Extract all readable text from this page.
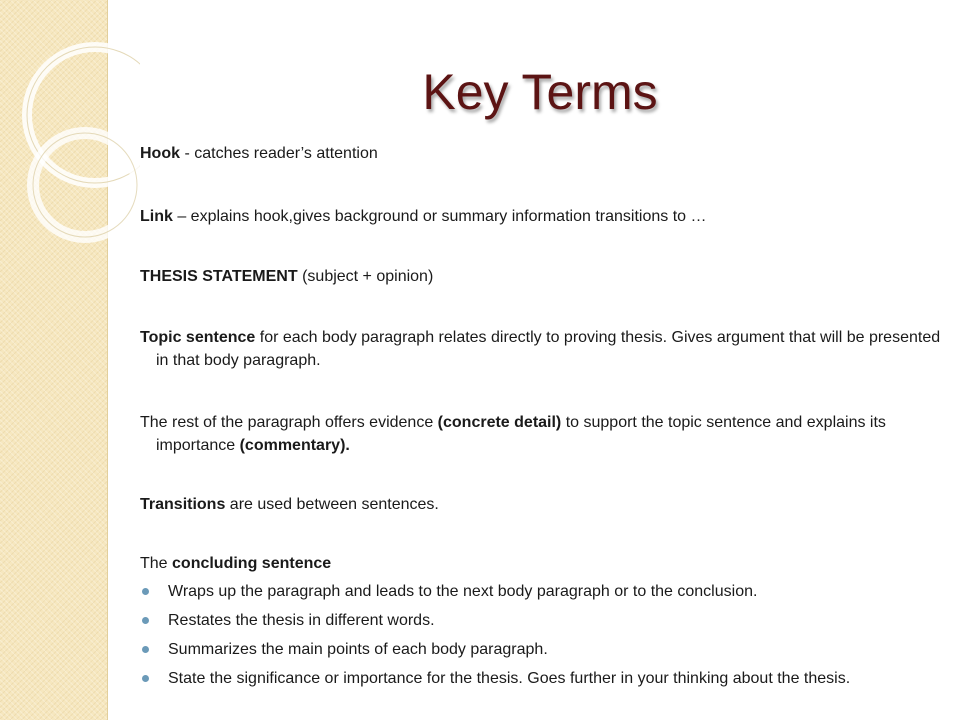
Key Terms

Hook - catches reader’s attention

Link – explains hook,gives background or summary information transitions to …

THESIS STATEMENT (subject + opinion)

Topic sentence for each body paragraph relates directly to proving thesis. Gives argument that will be presented in that body paragraph.

The rest of the paragraph offers evidence (concrete detail) to support the topic sentence and explains its importance (commentary).

Transitions are used between sentences.

The concluding sentence

Wraps up the paragraph and leads to the next body paragraph or to the conclusion.
Restates the thesis in different words.
Summarizes the main points of each body paragraph.
State the significance or importance for the thesis. Goes further in your thinking about the thesis.
